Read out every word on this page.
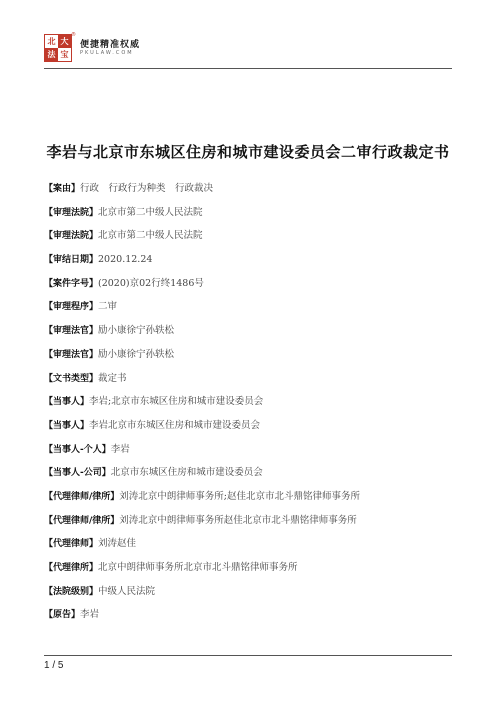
北 大
法 宝
®
便捷精准权威
PKULAW.COM
李岩与北京市东城区住房和城市建设委员会二审行政裁定书
【案由】行政　行政行为种类　行政裁决
【审理法院】北京市第二中级人民法院
【审理法院】北京市第二中级人民法院
【审结日期】2020.12.24
【案件字号】(2020)京02行终1486号
【审理程序】二审
【审理法官】励小康徐宁孙轶松
【审理法官】励小康徐宁孙轶松
【文书类型】裁定书
【当事人】李岩;北京市东城区住房和城市建设委员会
【当事人】李岩北京市东城区住房和城市建设委员会
【当事人-个人】李岩
【当事人-公司】北京市东城区住房和城市建设委员会
【代理律师/律所】刘涛北京中朗律师事务所;赵佳北京市北斗鼎铭律师事务所
【代理律师/律所】刘涛北京中朗律师事务所赵佳北京市北斗鼎铭律师事务所
【代理律师】刘涛赵佳
【代理律所】北京中朗律师事务所北京市北斗鼎铭律师事务所
【法院级别】中级人民法院
【原告】李岩
1 / 5
